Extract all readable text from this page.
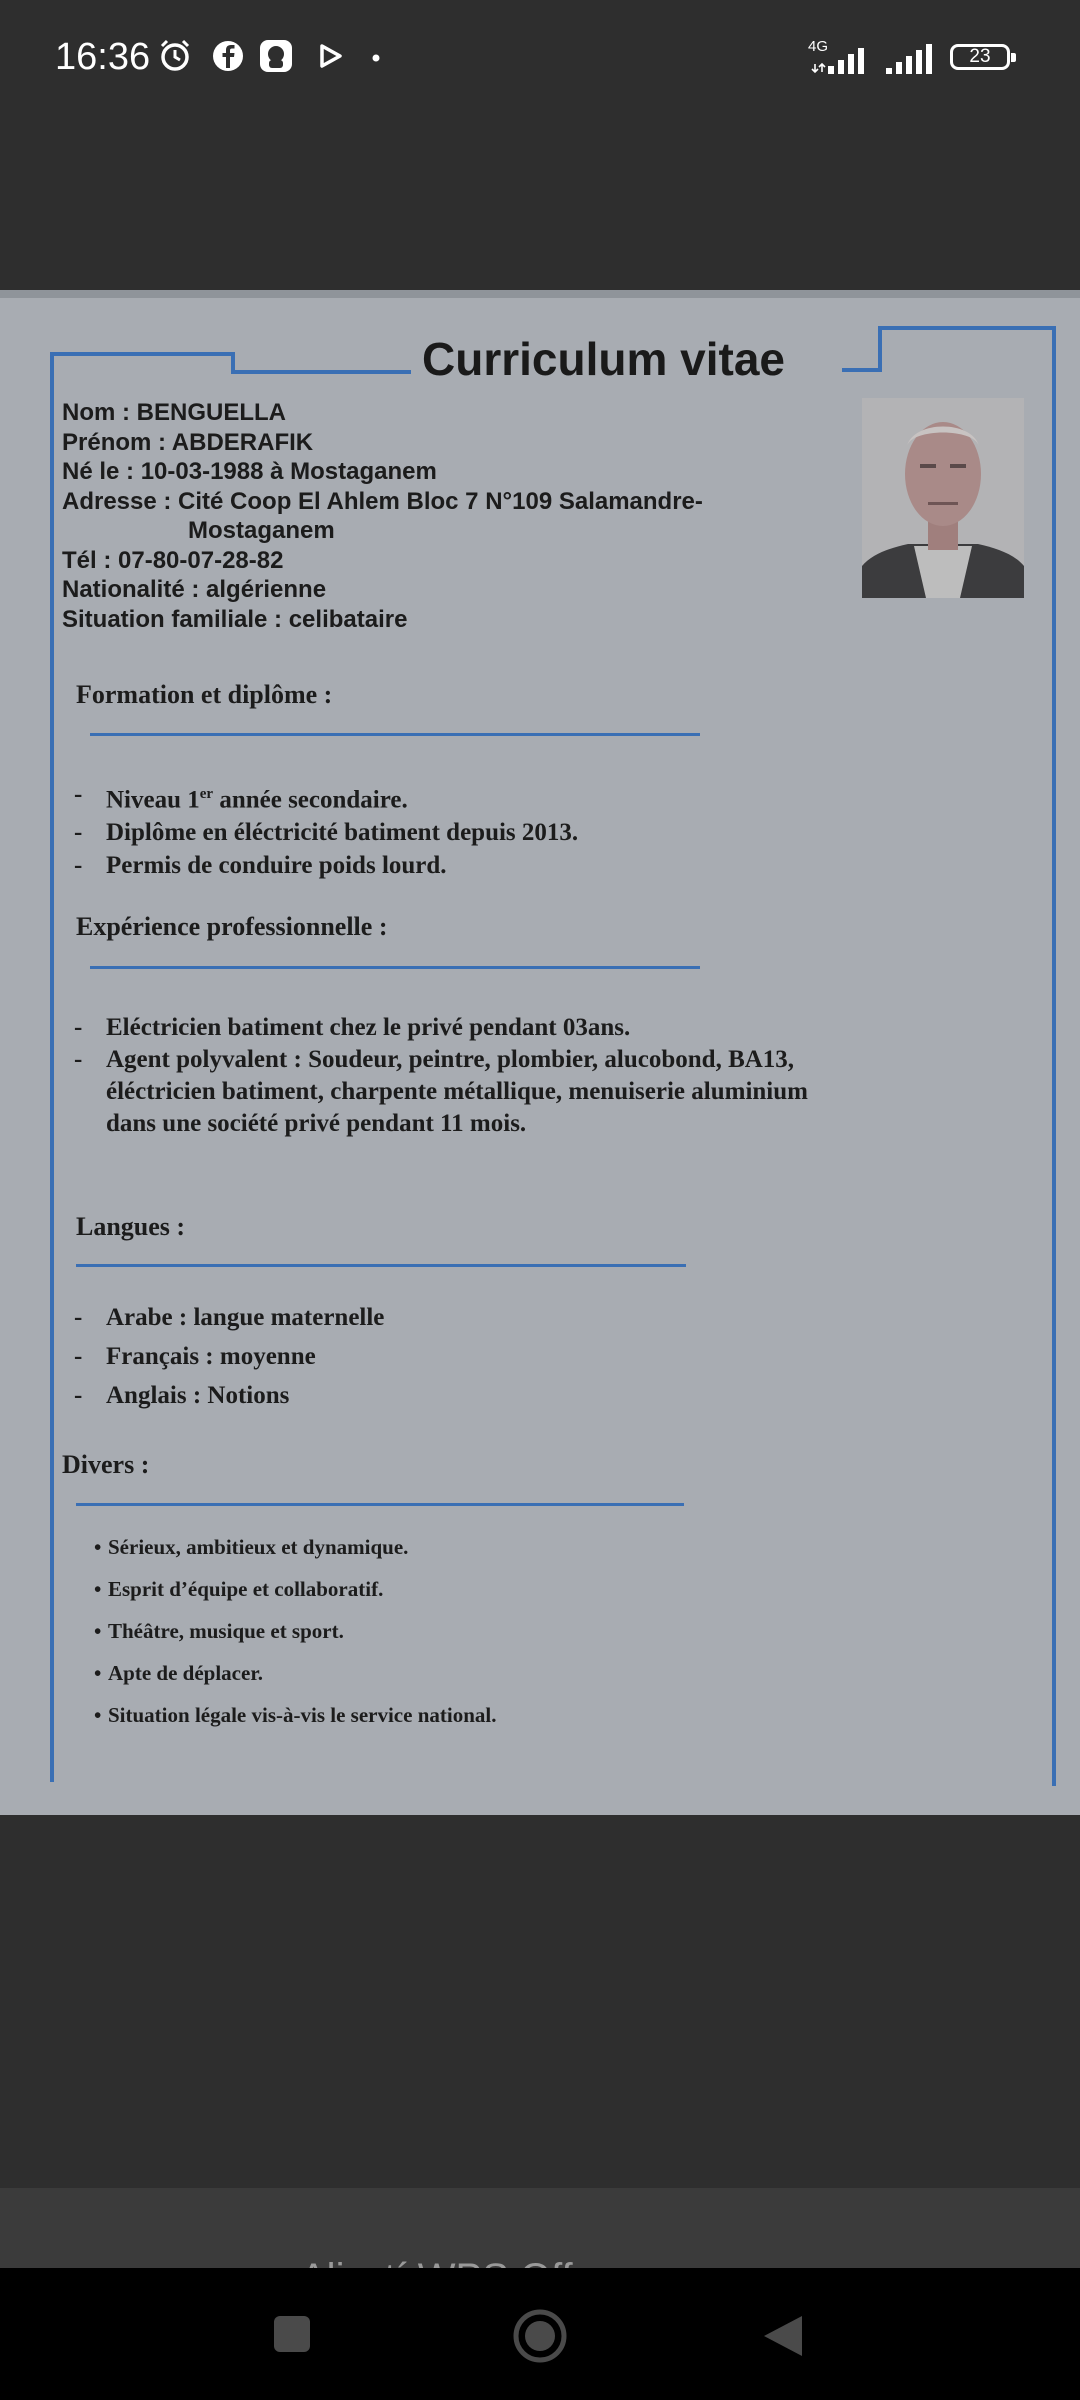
16:36	4G	23
Curriculum vitae
Nom : BENGUELLA
Prénom : ABDERAFIK
Né le : 10-03-1988 à Mostaganem
Adresse : Cité Coop El Ahlem Bloc 7 N°109 Salamandre-
Mostaganem
Tél : 07-80-07-28-82
Nationalité : algérienne
Situation familiale : celibataire
Formation et diplôme :
- Niveau 1er année secondaire.
- Diplôme en éléctricité batiment depuis 2013.
- Permis de conduire poids lourd.
Expérience professionnelle :
- Eléctricien batiment chez le privé pendant 03ans.
- Agent polyvalent : Soudeur, peintre, plombier, alucobond, BA13,
éléctricien batiment, charpente métallique, menuiserie aluminium
dans une société privé pendant 11 mois.
Langues :
- Arabe : langue maternelle
- Français : moyenne
- Anglais : Notions
Divers :
• Sérieux, ambitieux et dynamique.
• Esprit d’équipe et collaboratif.
• Théâtre, musique et sport.
• Apte de déplacer.
• Situation légale vis-à-vis le service national.
